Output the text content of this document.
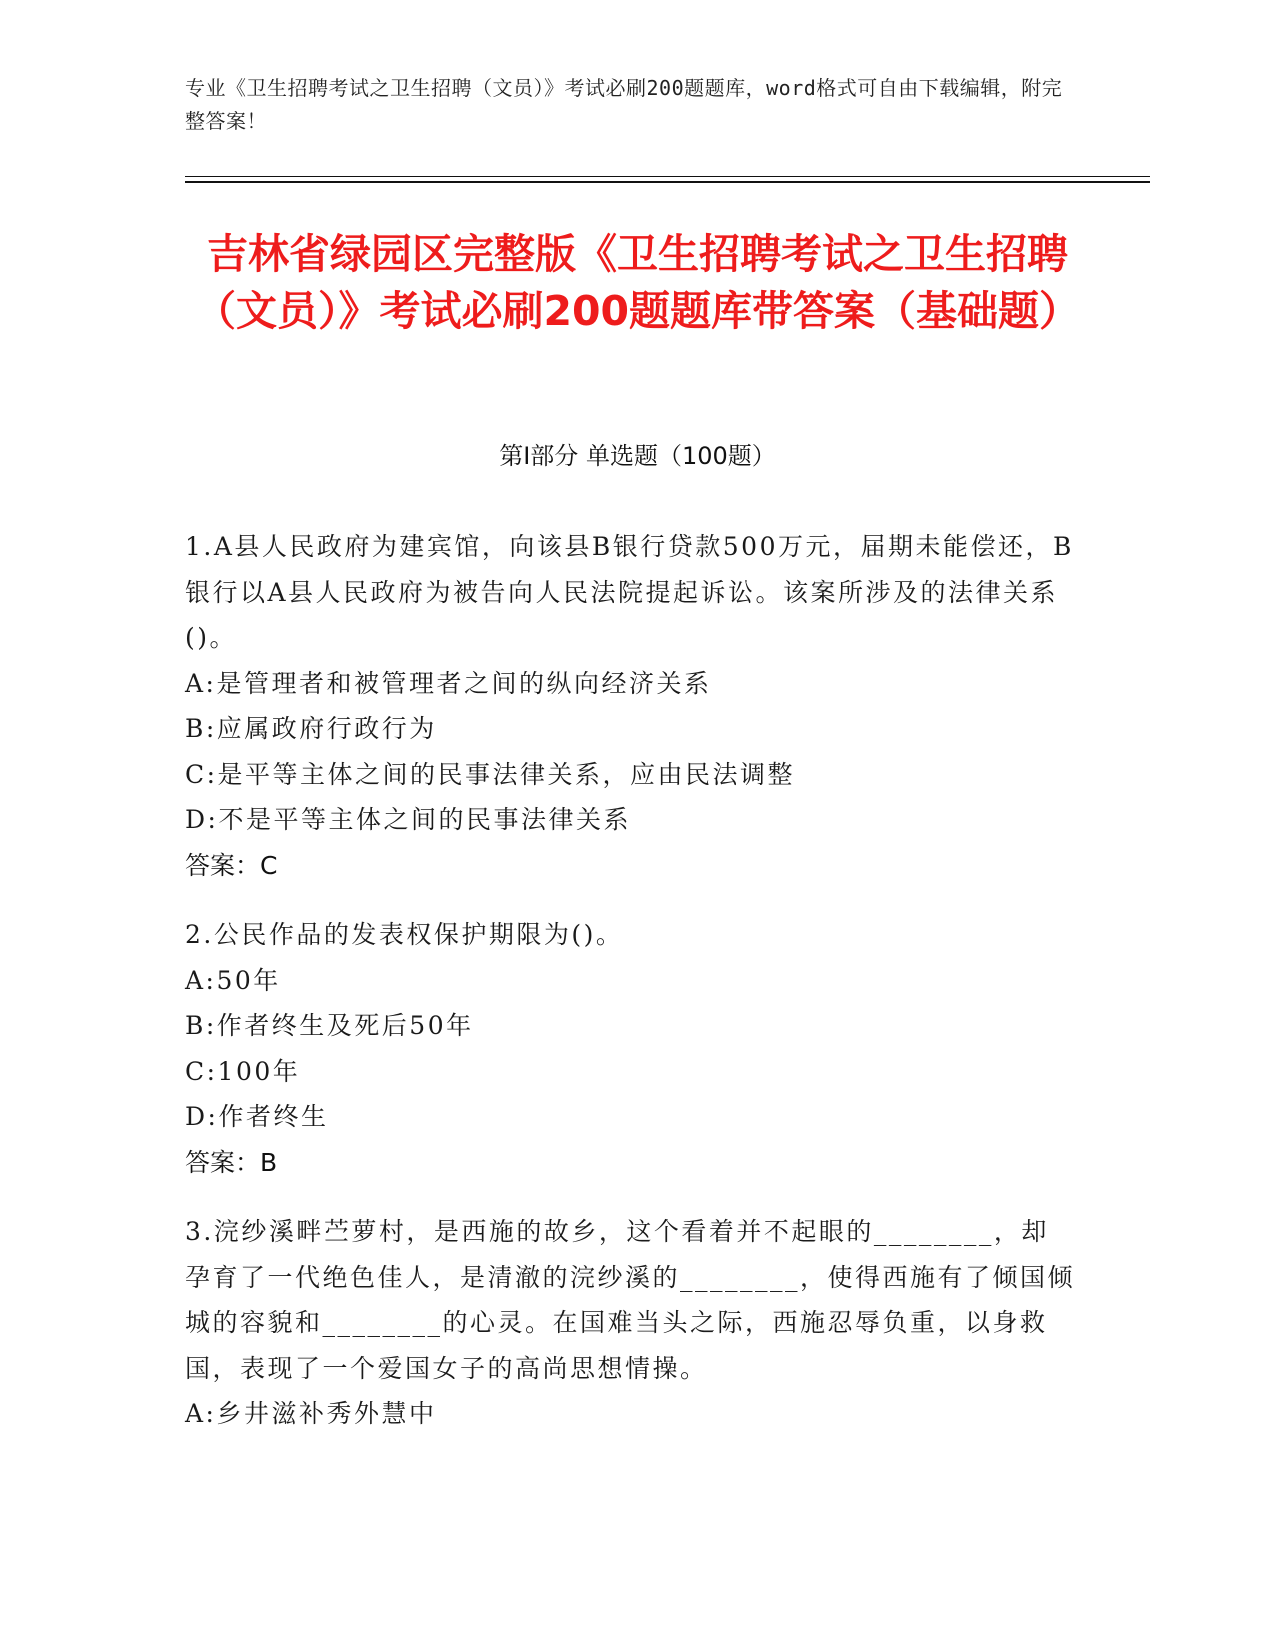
专业《卫生招聘考试之卫生招聘（文员）》考试必刷200题题库，word格式可自由下载编辑，附完整答案！
吉林省绿园区完整版《卫生招聘考试之卫生招聘（文员）》考试必刷200题题库带答案（基础题）
第Ⅰ部分 单选题（100题）

1.A县人民政府为建宾馆，向该县B银行贷款500万元，届期未能偿还，B银行以A县人民政府为被告向人民法院提起诉讼。该案所涉及的法律关系()。

A:是管理者和被管理者之间的纵向经济关系

B:应属政府行政行为

C:是平等主体之间的民事法律关系，应由民法调整

D:不是平等主体之间的民事法律关系

答案：C

2.公民作品的发表权保护期限为()。

A:50年

B:作者终生及死后50年

C:100年

D:作者终生

答案：B

3.浣纱溪畔苎萝村，是西施的故乡，这个看着并不起眼的________，却孕育了一代绝色佳人，是清澈的浣纱溪的________，使得西施有了倾国倾城的容貌和________的心灵。在国难当头之际，西施忍辱负重，以身救国，表现了一个爱国女子的高尚思想情操。

A:乡井滋补秀外慧中
